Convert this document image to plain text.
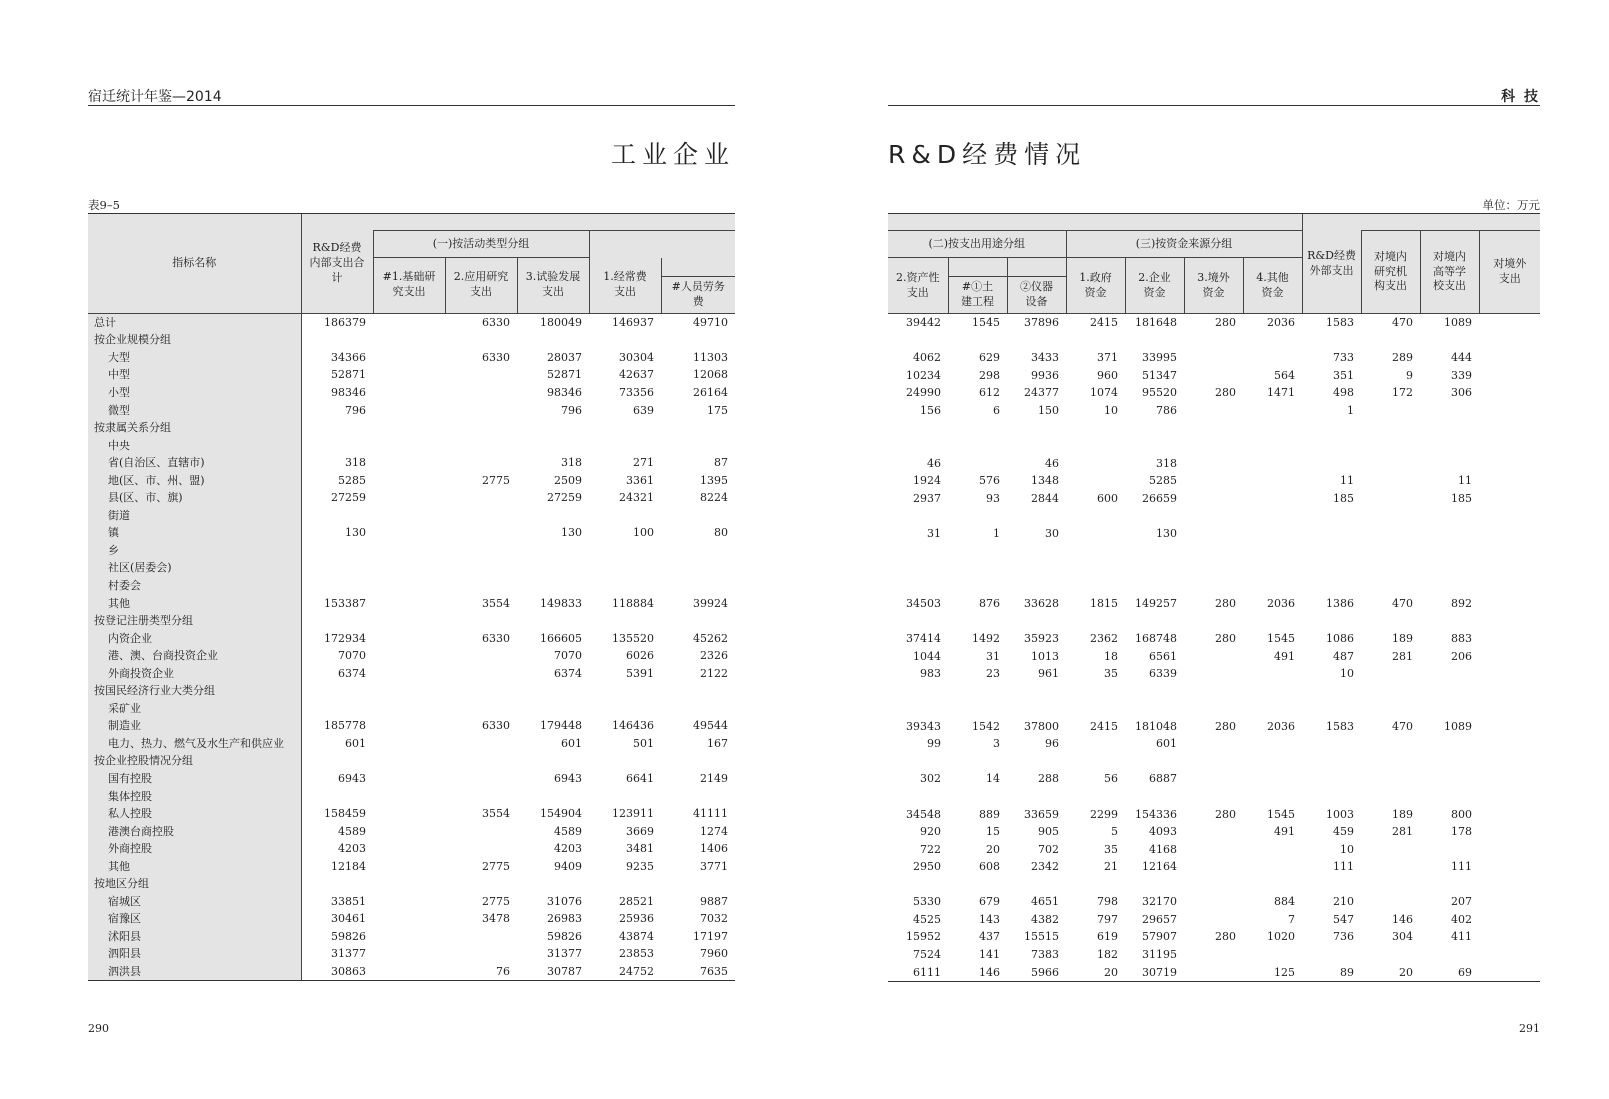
宿迁统计年鉴—2014
工业企业
表9–5
290
指标名称	R&D经费内部支出合计					
		(一)按活动类型分组				
		#1.基础研究支出	2.应用研究支出	3.试验发展支出	1.经常费支出	
						#人员劳务费
总计	186379		6330	180049	146937	49710
按企业规模分组						
大型	34366		6330	28037	30304	11303
中型	52871			52871	42637	12068
小型	98346			98346	73356	26164
微型	796			796	639	175
按隶属关系分组						
中央						
省(自治区、直辖市)	318			318	271	87
地(区、市、州、盟)	5285		2775	2509	3361	1395
县(区、市、旗)	27259			27259	24321	8224
街道						
镇	130			130	100	80
乡						
社区(居委会)						
村委会						
其他	153387		3554	149833	118884	39924
按登记注册类型分组						
内资企业	172934		6330	166605	135520	45262
港、澳、台商投资企业	7070			7070	6026	2326
外商投资企业	6374			6374	5391	2122
按国民经济行业大类分组						
采矿业						
制造业	185778		6330	179448	146436	49544
电力、热力、燃气及水生产和供应业	601			601	501	167
按企业控股情况分组						
国有控股	6943			6943	6641	2149
集体控股						
私人控股	158459		3554	154904	123911	41111
港澳台商控股	4589			4589	3669	1274
外商控股	4203			4203	3481	1406
其他	12184		2775	9409	9235	3771
按地区分组						
宿城区	33851		2775	31076	28521	9887
宿豫区	30461		3478	26983	25936	7032
沭阳县	59826			59826	43874	17197
泗阳县	31377			31377	23853	7960
泗洪县	30863		76	30787	24752	7635
科 技
R&D经费情况
单位：万元
291
							R&D经费外部支出			
(二)按支出用途分组			(三)按资金来源分组					对境内研究机构支出	对境内高等学校支出	对境外支出
2.资产性支出			1.政府资金	2.企业资金	3.境外资金	4.其他资金				
	#①土建工程	②仪器设备								
39442	1545	37896	2415	181648	280	2036	1583	470	1089	

4062	629	3433	371	33995			733	289	444	
10234	298	9936	960	51347		564	351	9	339	
24990	612	24377	1074	95520	280	1471	498	172	306	
156	6	150	10	786			1			

46		46		318						
1924	576	1348		5285			11		11	
2937	93	2844	600	26659			185		185	

31	1	30		130						

34503	876	33628	1815	149257	280	2036	1386	470	892	

37414	1492	35923	2362	168748	280	1545	1086	189	883	
1044	31	1013	18	6561		491	487	281	206	
983	23	961	35	6339			10			

39343	1542	37800	2415	181048	280	2036	1583	470	1089	
99	3	96		601						

302	14	288	56	6887						

34548	889	33659	2299	154336	280	1545	1003	189	800	
920	15	905	5	4093		491	459	281	178	
722	20	702	35	4168			10			
2950	608	2342	21	12164			111		111	

5330	679	4651	798	32170		884	210		207	
4525	143	4382	797	29657		7	547	146	402	
15952	437	15515	619	57907	280	1020	736	304	411	
7524	141	7383	182	31195						
6111	146	5966	20	30719		125	89	20	69	
